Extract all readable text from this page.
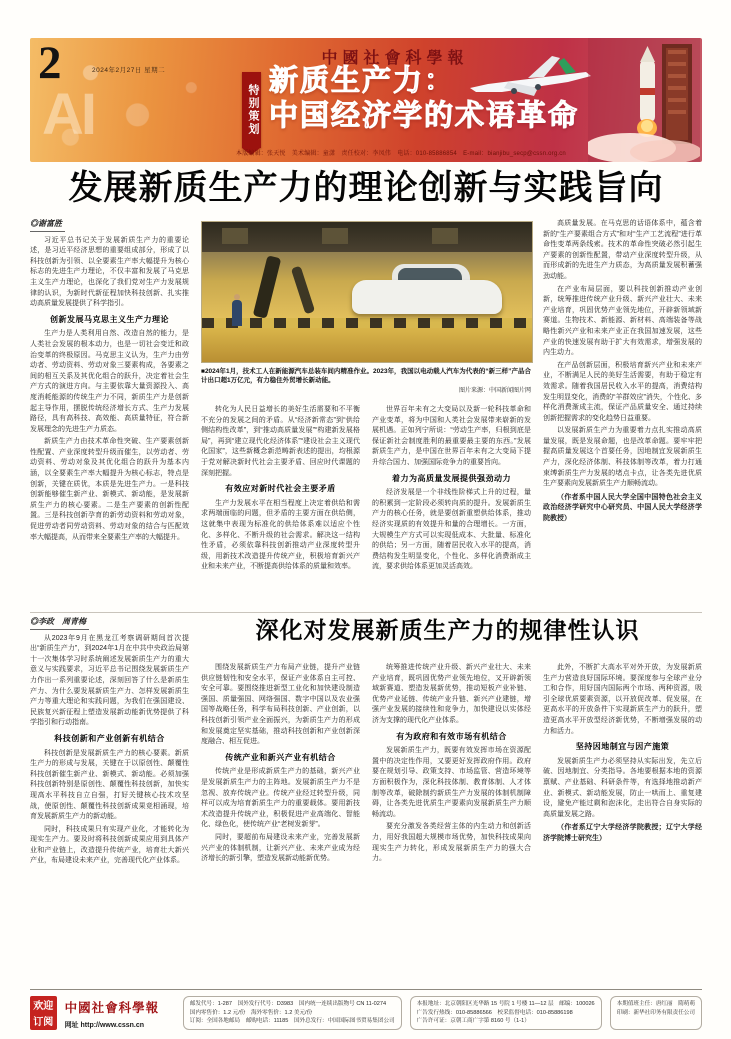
2	2024年2月27日 星期二
AI
中國社會科學報
特别策划
新质生产力：
中国经济学的术语革命
本版编辑：张天悦　美术编辑：童潇　责任校对：李凤伟　电话：010-85886854　E-mail：bianjibu_secp@cssn.org.cn
发展新质生产力的理论创新与实践旨向
◎谢富胜
习近平总书记关于发展新质生产力的重要论述，是习近平经济思想的重要组成部分，形成了以科技创新为引领、以全要素生产率大幅提升为核心标志的先进生产力理论，不仅丰富和发展了马克思主义生产力理论，也深化了我们党对生产力发展规律的认识，为新时代新征程加快科技创新、扎实推动高质量发展提供了科学指引。
创新发展马克思主义生产力理论
生产力是人类利用自然、改造自然的能力，是人类社会发展的根本动力，也是一切社会变迁和政治变革的终极原因。马克思主义认为，生产力由劳动者、劳动资料、劳动对象三要素构成，各要素之间的相互关系及其优化组合的跃升，决定着社会生产方式的演进方向。与主要依靠大量资源投入、高度消耗能源的传统生产力不同，新质生产力是创新起主导作用，摆脱传统经济增长方式、生产力发展路径，具有高科技、高效能、高质量特征，符合新发展理念的先进生产力质态。
新质生产力由技术革命性突破、生产要素创新性配置、产业深度转型升级而催生，以劳动者、劳动资料、劳动对象及其优化组合的跃升为基本内涵，以全要素生产率大幅提升为核心标志，特点是创新，关键在质优，本质是先进生产力。一是科技创新能够催生新产业、新模式、新动能，是发展新质生产力的核心要素。二是生产要素的创新性配置。三是科技创新孕育的新劳动资料和劳动对象，促进劳动者同劳动资料、劳动对象的结合与匹配效率大幅提高，从而带来全要素生产率的大幅提升。
转化为人民日益增长的美好生活需要和不平衡不充分的发展之间的矛盾。从“经济新常态”到“供给侧结构性改革”，到“推动高质量发展”“构建新发展格局”，再到“建立现代化经济体系”“建设社会主义现代化国家”，这些新概念新范畴新表述的提出，均根源于党对解决新时代社会主要矛盾、回应时代课题的深刻把握。
有效应对新时代社会主要矛盾
生产力发展水平在相当程度上决定着供给和需求两端面临的问题，但矛盾的主要方面在供给侧，这就集中表现为标准化的供给体系难以适应个性化、多样化、不断升级的社会需求。解决这一结构性矛盾，必须依靠科技创新推动产业深度转型升级，用新技术改造提升传统产业，积极培育新兴产业和未来产业，不断提高供给体系的质量和效率。
世界百年未有之大变局以及新一轮科技革命和产业变革，将为中国和人类社会发展带来崭新的发展机遇。正如列宁所说：“劳动生产率，归根到底是保证新社会制度胜利的最重要最主要的东西。”发展新质生产力，是中国在世界百年未有之大变局下提升综合国力、加强国际竞争力的重要旨向。
着力为高质量发展提供强劲动力
经济发展是一个非线性阶梯式上升的过程，量的积累到一定阶段必须转向质的提升。发展新质生产力的核心任务，就是要创新重塑供给体系，推动经济实现质的有效提升和量的合理增长。一方面，大规模生产方式可以实现低成本、大批量、标准化的供给；另一方面，随着居民收入水平的提高，消费结构发生明显变化，个性化、多样化消费渐成主流，要求供给体系更加灵活高效。
高质量发展。在马克思的话语体系中，蕴含着新的“生产要素组合方式”和对“生产工艺流程”进行革命性变革两条线索。技术的革命性突破必然引起生产要素的创新性配置，带动产业深度转型升级，从而形成新的先进生产力质态，为高质量发展积蓄强劲动能。
在产业布局层面，要以科技创新推动产业创新，统筹推进传统产业升级、新兴产业壮大、未来产业培育，巩固优势产业领先地位，开辟新领域新赛道。生物技术、新能源、新材料、高端装备等战略性新兴产业和未来产业正在我国加速发展，这些产业的快速发展有助于扩大有效需求，增强发展的内生动力。
在产品创新层面，积极培育新兴产业和未来产业，不断满足人民的美好生活需要，有助于稳定有效需求。随着我国居民收入水平的提高，消费结构发生明显变化，消费的“羊群效应”消失，个性化、多样化消费渐成主流，保证产品质量安全、通过持续创新把握需求的变化趋势日益重要。
以发展新质生产力为重要着力点扎实推动高质量发展，既是发展命题，也是改革命题。要牢牢把握高质量发展这个首要任务，因地制宜发展新质生产力，深化经济体制、科技体制等改革，着力打通束缚新质生产力发展的堵点卡点，让各类先进优质生产要素向发展新质生产力顺畅流动。
（作者系中国人民大学全国中国特色社会主义政治经济学研究中心研究员、中国人民大学经济学院教授）
■2024年1月，技术工人在新能源汽车总装车间内精准作业。2023年，我国以电动载人汽车为代表的“新三样”产品合计出口超1万亿元，有力稳住外贸增长新动能。
图片来源：中国新闻图片网
深化对发展新质生产力的规律性认识
◎李政　周青梅
从2023年9月在黑龙江考察调研期间首次提出“新质生产力”，到2024年1月在中共中央政治局第十一次集体学习时系统阐述发展新质生产力的重大意义与实践要求，习近平总书记围绕发展新质生产力作出一系列重要论述，深刻回答了什么是新质生产力、为什么要发展新质生产力、怎样发展新质生产力等重大理论和实践问题，为我们在强国建设、民族复兴新征程上塑造发展新动能新优势提供了科学指引和行动指南。
科技创新和产业创新有机结合
科技创新是发展新质生产力的核心要素。新质生产力的形成与发展，关键在于以原创性、颠覆性科技创新催生新产业、新模式、新动能。必须加强科技创新特别是原创性、颠覆性科技创新，加快实现高水平科技自立自强，打好关键核心技术攻坚战，使原创性、颠覆性科技创新成果竞相涌现，培育发展新质生产力的新动能。
同时，科技成果只有实现产业化，才能转化为现实生产力。要及时将科技创新成果应用到具体产业和产业链上，改造提升传统产业，培育壮大新兴产业，布局建设未来产业，完善现代化产业体系。
围绕发展新质生产力布局产业链，提升产业链供应链韧性和安全水平，保证产业体系自主可控、安全可靠。要围绕推进新型工业化和加快建设制造强国、质量强国、网络强国、数字中国以及农业强国等战略任务，科学布局科技创新、产业创新，以科技创新引领产业全面振兴，为新质生产力的形成和发展奠定坚实基础，推动科技创新和产业创新深度融合、相互促进。
传统产业和新兴产业有机结合
传统产业是形成新质生产力的基础，新兴产业是发展新质生产力的主阵地。发展新质生产力不是忽视、放弃传统产业。传统产业经过转型升级，同样可以成为培育新质生产力的重要载体。要用新技术改造提升传统产业，积极促进产业高端化、智能化、绿色化，使传统产业“老树发新芽”。
同时，要超前布局建设未来产业，完善发展新兴产业的体制机制，让新兴产业、未来产业成为经济增长的新引擎，塑造发展新动能新优势。
统筹推进传统产业升级、新兴产业壮大、未来产业培育，既巩固优势产业领先地位，又开辟新领域新赛道、塑造发展新优势，推动短板产业补链、优势产业延链、传统产业升链、新兴产业建链，增强产业发展的接续性和竞争力，加快建设以实体经济为支撑的现代化产业体系。
有为政府和有效市场有机结合
发展新质生产力，既要有效发挥市场在资源配置中的决定性作用，又要更好发挥政府作用。政府要在规划引导、政策支持、市场监管、营造环境等方面积极作为，深化科技体制、教育体制、人才体制等改革，破除制约新质生产力发展的体制机制障碍，让各类先进优质生产要素向发展新质生产力顺畅流动。
要充分激发各类经营主体的内生动力和创新活力，用好我国超大规模市场优势，加快科技成果向现实生产力转化，形成发展新质生产力的强大合力。
此外，不断扩大高水平对外开放，为发展新质生产力营造良好国际环境。要深度参与全球产业分工和合作，用好国内国际两个市场、两种资源，吸引全球优质要素资源，以开放促改革、促发展，在更高水平的开放条件下实现新质生产力的跃升，塑造更高水平开放型经济新优势，不断增强发展的动力和活力。
坚持因地制宜与因产施策
发展新质生产力必须坚持从实际出发，先立后破、因地制宜、分类指导。各地要根据本地的资源禀赋、产业基础、科研条件等，有选择地推动新产业、新模式、新动能发展，防止一哄而上、重复建设，避免产能过剩和泡沫化，走出符合自身实际的高质量发展之路。
（作者系辽宁大学经济学院教授；辽宁大学经济学院博士研究生）
欢迎
订阅
中國社會科學報
网址 http://www.cssn.cn
邮发代号：1-287　国外发行代号：D3983　国内统一连续出版物号 CN 11-0274
国内零售价：1.2 元/份　海外零售价：1.2 美元/份
订阅：全国各地邮局　邮购电话：11185　国外总发行：中国国际图书贸易集团公司
本报地址：北京朝阳区光华路 15 号院 1 号楼 11—12 层　邮编：100026
广告发行热线：010-85886566　校采监督电话：010-85886198
广告许可证：京朝工商广字第 8160 号（1-1）
本期值班主任：唐红丽　隋萌萌
印刷：新华社印务有限责任公司
